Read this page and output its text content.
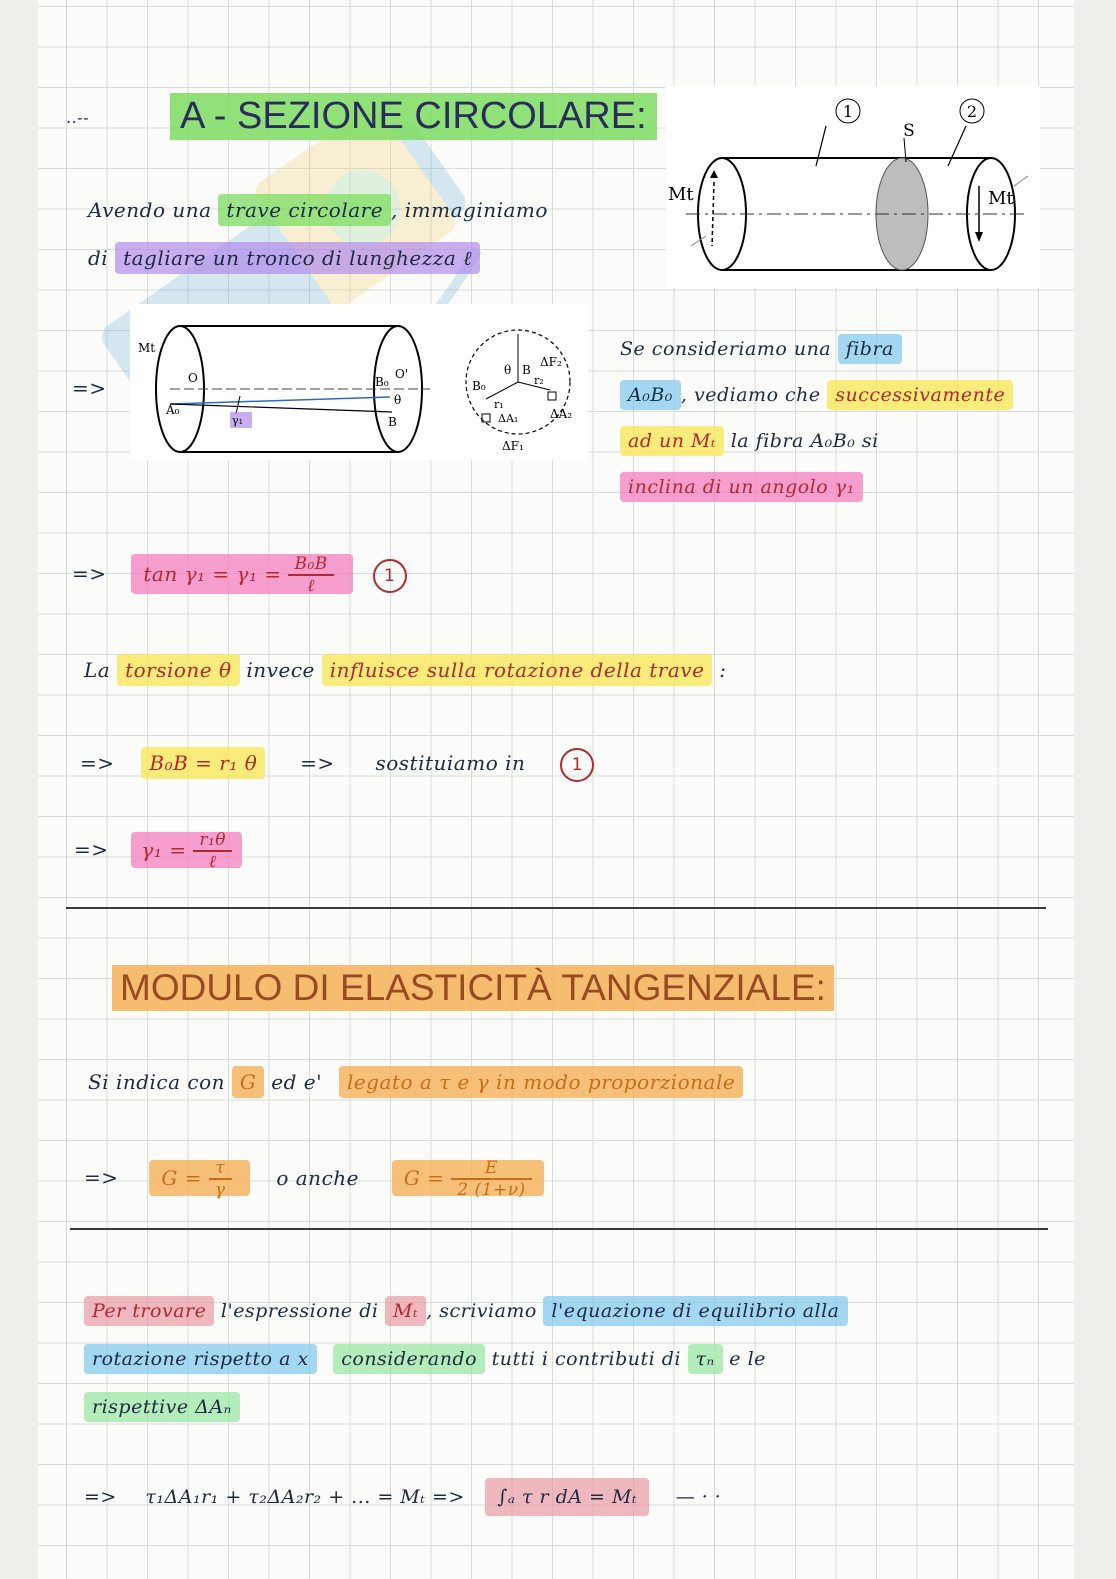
..-- A - SEZIONE CIRCOLARE:	1	2
S
Mt	Mt
Avendo una trave circolare , immaginiamo
di tagliare un tronco di lunghezza ℓ
=>
Mt
O
A₀
B₀
O'
θ
B
γ₁
θ
B₀
B
r₁
r₂
ΔF₂
ΔA₁	ΔA₂
ΔF₁
Se consideriamo una fibra
A₀B₀ , vediamo che successivamente
ad un Mₜ la fibra A₀B₀ si
inclina di un angolo γ₁
=> $\tan \gamma_1 = \gamma_1 = \frac{\text{B₀B}}{\text{ℓ}}$	1
La torsione θ invece influisce sulla rotazione della trave :
=> B₀B = r₁ θ => sostituiamo in	1
=> $\gamma_1 = \frac{\text{r₁θ}}{\text{ℓ}}$
MODULO DI ELASTICITÀ TANGENZIALE:
Si indica con G ed e' legato a τ e γ in modo proporzionale
=> $G = \frac{\tau}{\gamma}$ o anche $G = \frac{E}{2 (1+\nu)}$
Per trovare l'espressione di Mₜ , scriviamo l'equazione di equilibrio alla
rotazione rispetto a x considerando tutti i contributi di τₙ e le
rispettive ΔAₙ
=> τ₁ΔA₁r₁ + τ₂ΔA₂r₂ + ... = Mₜ => ∫ₐ τ r dA = Mₜ — · ·
